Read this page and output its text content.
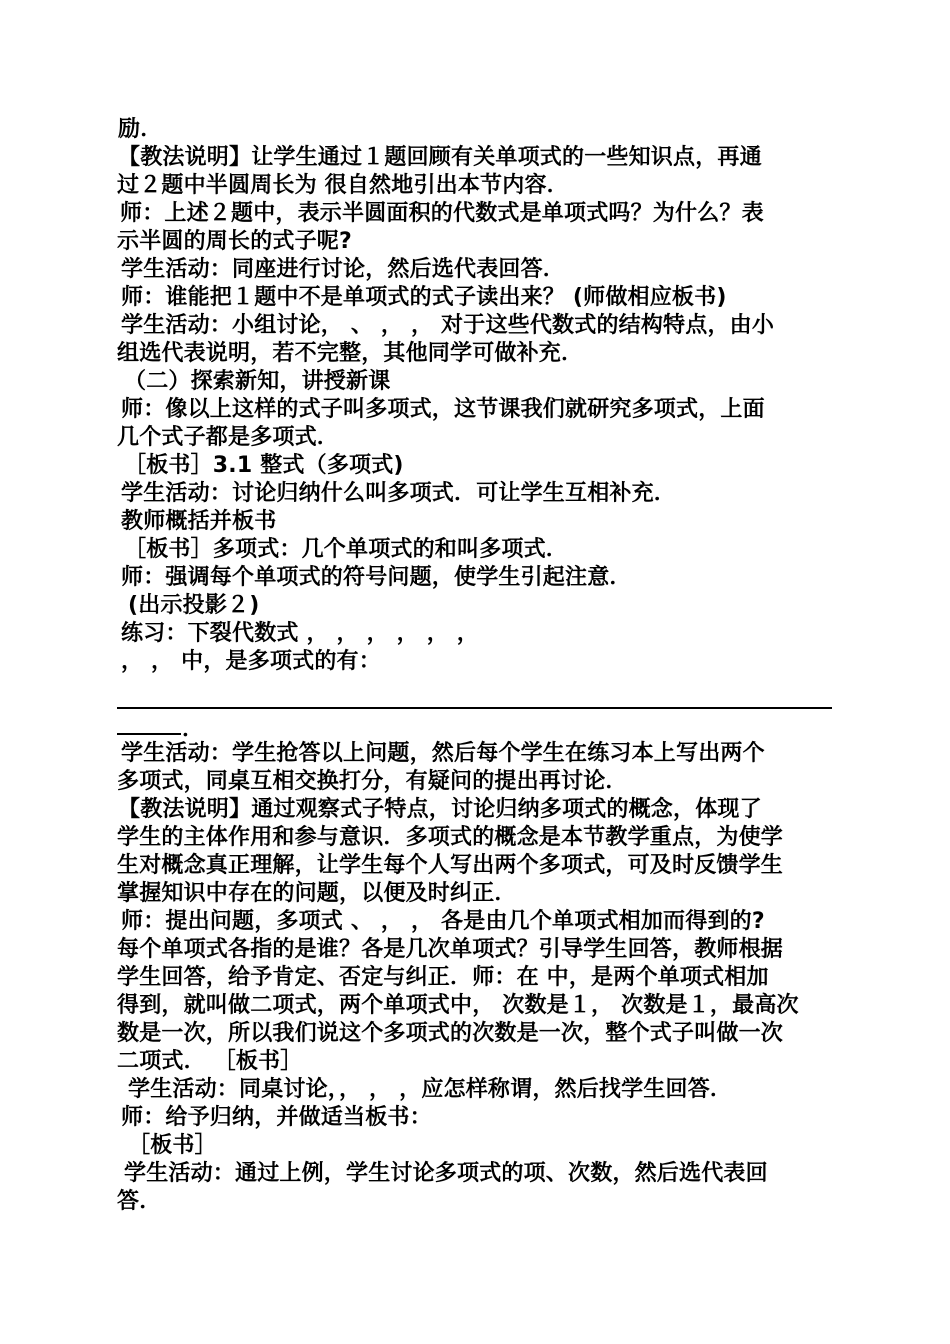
励．
【教法说明】让学生通过１题回顾有关单项式的一些知识点，再通
过２题中半圆周长为 很自然地引出本节内容．
师：上述２题中，表示半圆面积的代数式是单项式吗？为什么？表
示半圆的周长的式子呢?
学生活动：同座进行讨论，然后选代表回答．
师：谁能把１题中不是单项式的式子读出来？ (师做相应板书)
学生活动：小组讨论， 、 ， ， 对于这些代数式的结构特点，由小
组选代表说明，若不完整，其他同学可做补充．
（二）探索新知，讲授新课
师：像以上这样的式子叫多项式，这节课我们就研究多项式，上面
几个式子都是多项式．
［板书］3.1 整式（多项式)
学生活动：讨论归纳什么叫多项式．可让学生互相补充．
教师概括并板书
［板书］多项式：几个单项式的和叫多项式．
师：强调每个单项式的符号问题，使学生引起注意．
(出示投影２)
练习：下裂代数式 ， ， ， ， ， ，
， ， 中，是多项式的有：
．
学生活动：学生抢答以上问题，然后每个学生在练习本上写出两个
多项式，同桌互相交换打分，有疑问的提出再讨论．
【教法说明】通过观察式子特点，讨论归纳多项式的概念，体现了
学生的主体作用和参与意识．多项式的概念是本节教学重点，为使学
生对概念真正理解，让学生每个人写出两个多项式，可及时反馈学生
掌握知识中存在的问题，以便及时纠正．
师：提出问题，多项式 、 ， ， 各是由几个单项式相加而得到的?
每个单项式各指的是谁？各是几次单项式？引导学生回答，教师根据
学生回答，给予肯定、否定与纠正．师：在 中，是两个单项式相加
得到，就叫做二项式，两个单项式中， 次数是１， 次数是１，最高次
数是一次，所以我们说这个多项式的次数是一次，整个式子叫做一次
二项式． ［板书］
学生活动：同桌讨论，， ， ，应怎样称谓，然后找学生回答．
师：给予归纳，并做适当板书：
［板书］
学生活动：通过上例，学生讨论多项式的项、次数，然后选代表回
答．
